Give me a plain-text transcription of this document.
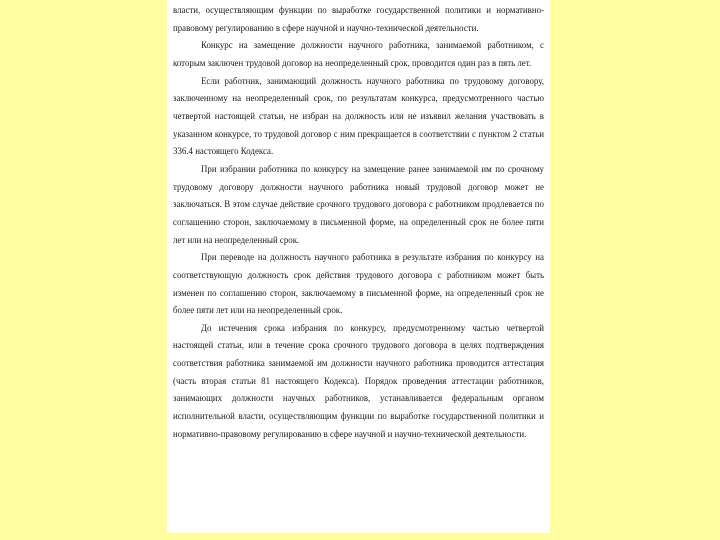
власти, осуществляющим функции по выработке государственной политики и нормативно-правовому регулированию в сфере научной и научно-технической деятельности.

Конкурс на замещение должности научного работника, занимаемой работником, с которым заключен трудовой договор на неопределенный срок, проводится один раз в пять лет.

Если работник, занимающий должность научного работника по трудовому договору, заключенному на неопределенный срок, по результатам конкурса, предусмотренного частью четвертой настоящей статьи, не избран на должность или не изъявил желания участвовать в указанном конкурсе, то трудовой договор с ним прекращается в соответствии с пунктом 2 статьи 336.4 настоящего Кодекса.

При избрании работника по конкурсу на замещение ранее занимаемой им по срочному трудовому договору должности научного работника новый трудовой договор может не заключаться. В этом случае действие срочного трудового договора с работником продлевается по соглашению сторон, заключаемому в письменной форме, на определенный срок не более пяти лет или на неопределенный срок.

При переводе на должность научного работника в результате избрания по конкурсу на соответствующую должность срок действия трудового договора с работником может быть изменен по соглашению сторон, заключаемому в письменной форме, на определенный срок не более пяти лет или на неопределенный срок.

До истечения срока избрания по конкурсу, предусмотренному частью четвертой настоящей статьи, или в течение срока срочного трудового договора в целях подтверждения соответствия работника занимаемой им должности научного работника проводится аттестация (часть вторая статьи 81 настоящего Кодекса). Порядок проведения аттестации работников, занимающих должности научных работников, устанавливается федеральным органом исполнительной власти, осуществляющим функции по выработке государственной политики и нормативно-правовому регулированию в сфере научной и научно-технической деятельности.
